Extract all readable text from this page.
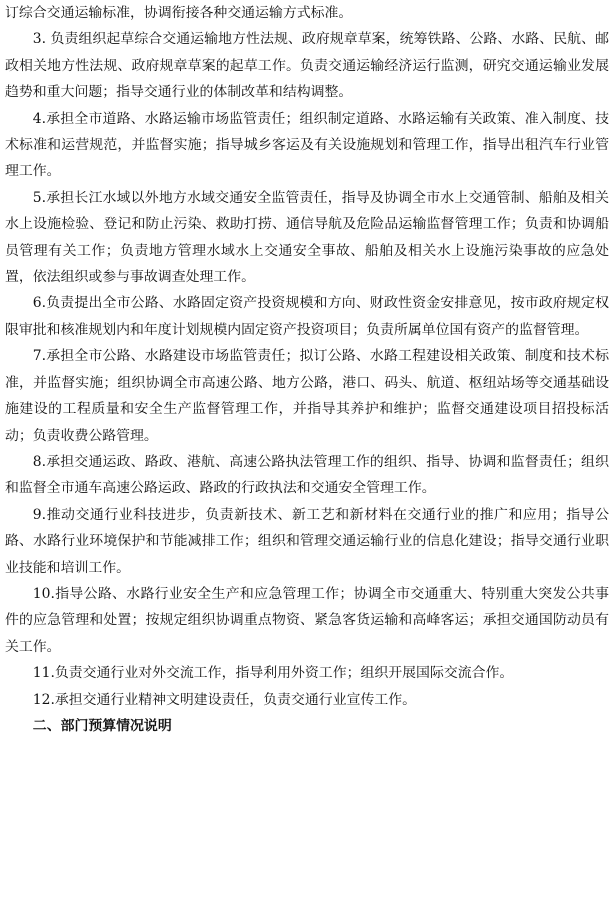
订综合交通运输标准，协调衔接各种交通运输方式标准。

3. 负责组织起草综合交通运输地方性法规、政府规章草案，统筹铁路、公路、水路、民航、邮政相关地方性法规、政府规章草案的起草工作。负责交通运输经济运行监测，研究交通运输业发展趋势和重大问题；指导交通行业的体制改革和结构调整。

4.承担全市道路、水路运输市场监管责任；组织制定道路、水路运输有关政策、准入制度、技术标准和运营规范，并监督实施；指导城乡客运及有关设施规划和管理工作，指导出租汽车行业管理工作。

5.承担长江水域以外地方水域交通安全监管责任，指导及协调全市水上交通管制、船舶及相关水上设施检验、登记和防止污染、救助打捞、通信导航及危险品运输监督管理工作；负责和协调船员管理有关工作；负责地方管理水域水上交通安全事故、船舶及相关水上设施污染事故的应急处置，依法组织或参与事故调查处理工作。

6.负责提出全市公路、水路固定资产投资规模和方向、财政性资金安排意见，按市政府规定权限审批和核准规划内和年度计划规模内固定资产投资项目；负责所属单位国有资产的监督管理。

7.承担全市公路、水路建设市场监管责任；拟订公路、水路工程建设相关政策、制度和技术标准，并监督实施；组织协调全市高速公路、地方公路，港口、码头、航道、枢纽站场等交通基础设施建设的工程质量和安全生产监督管理工作，并指导其养护和维护；监督交通建设项目招投标活动；负责收费公路管理。

8.承担交通运政、路政、港航、高速公路执法管理工作的组织、指导、协调和监督责任；组织和监督全市通车高速公路运政、路政的行政执法和交通安全管理工作。

9.推动交通行业科技进步，负责新技术、新工艺和新材料在交通行业的推广和应用；指导公路、水路行业环境保护和节能减排工作；组织和管理交通运输行业的信息化建设；指导交通行业职业技能和培训工作。

10.指导公路、水路行业安全生产和应急管理工作；协调全市交通重大、特别重大突发公共事件的应急管理和处置；按规定组织协调重点物资、紧急客货运输和高峰客运；承担交通国防动员有关工作。

11.负责交通行业对外交流工作，指导利用外资工作；组织开展国际交流合作。

12.承担交通行业精神文明建设责任，负责交通行业宣传工作。

二、部门预算情况说明
